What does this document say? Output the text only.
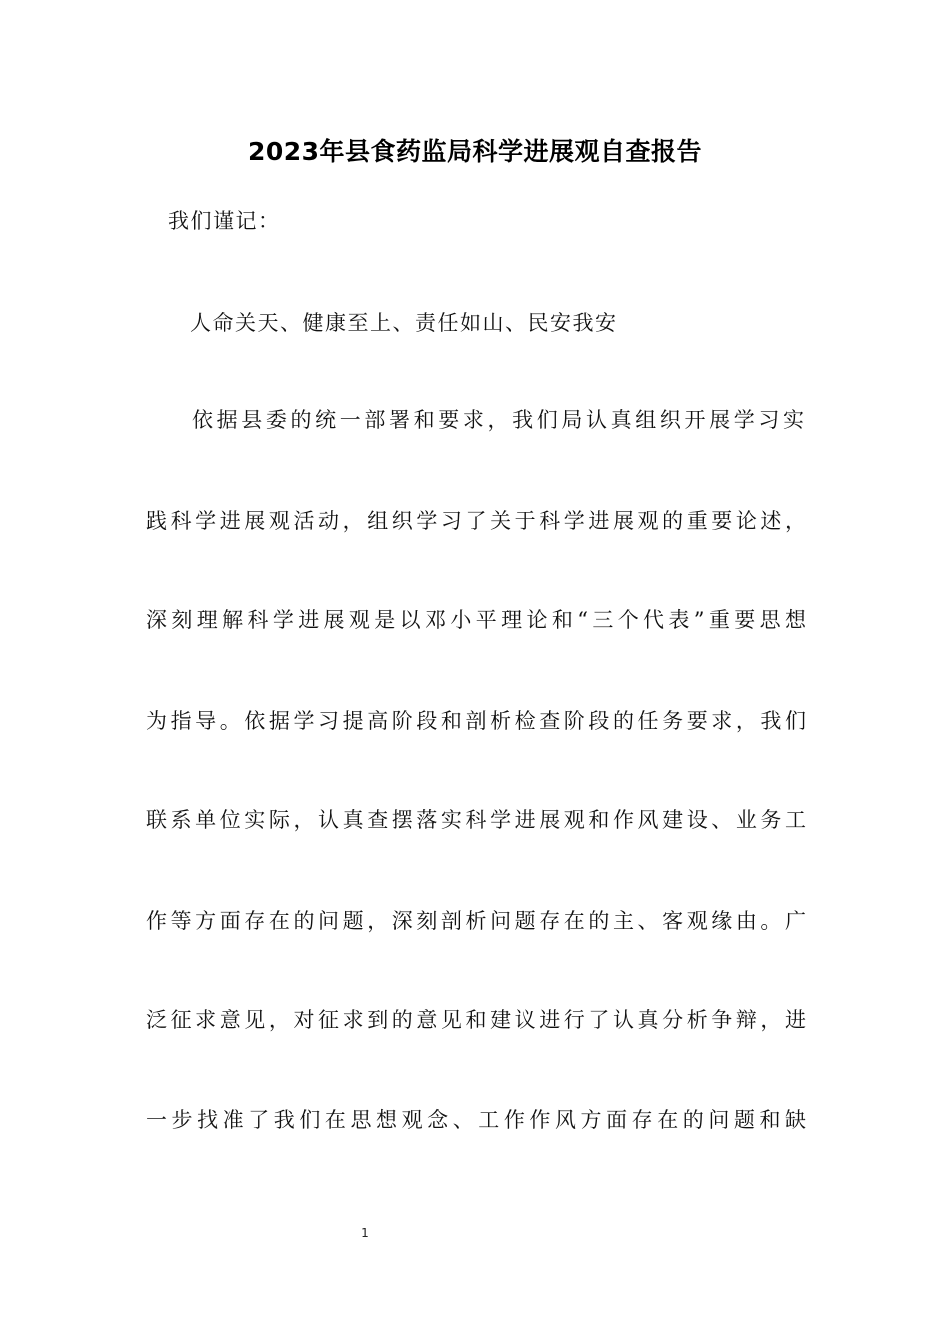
2023年县食药监局科学进展观自查报告
我们谨记：
人命关天、健康至上、责任如山、民安我安
依据县委的统一部署和要求，我们局认真组织开展学习实
践科学进展观活动，组织学习了关于科学进展观的重要论述，
深刻理解科学进展观是以邓小平理论和“三个代表”重要思想
为指导。依据学习提高阶段和剖析检查阶段的任务要求，我们
联系单位实际，认真查摆落实科学进展观和作风建设、业务工
作等方面存在的问题，深刻剖析问题存在的主、客观缘由。广
泛征求意见，对征求到的意见和建议进行了认真分析争辩，进
一步找准了我们在思想观念、工作作风方面存在的问题和缺
1
